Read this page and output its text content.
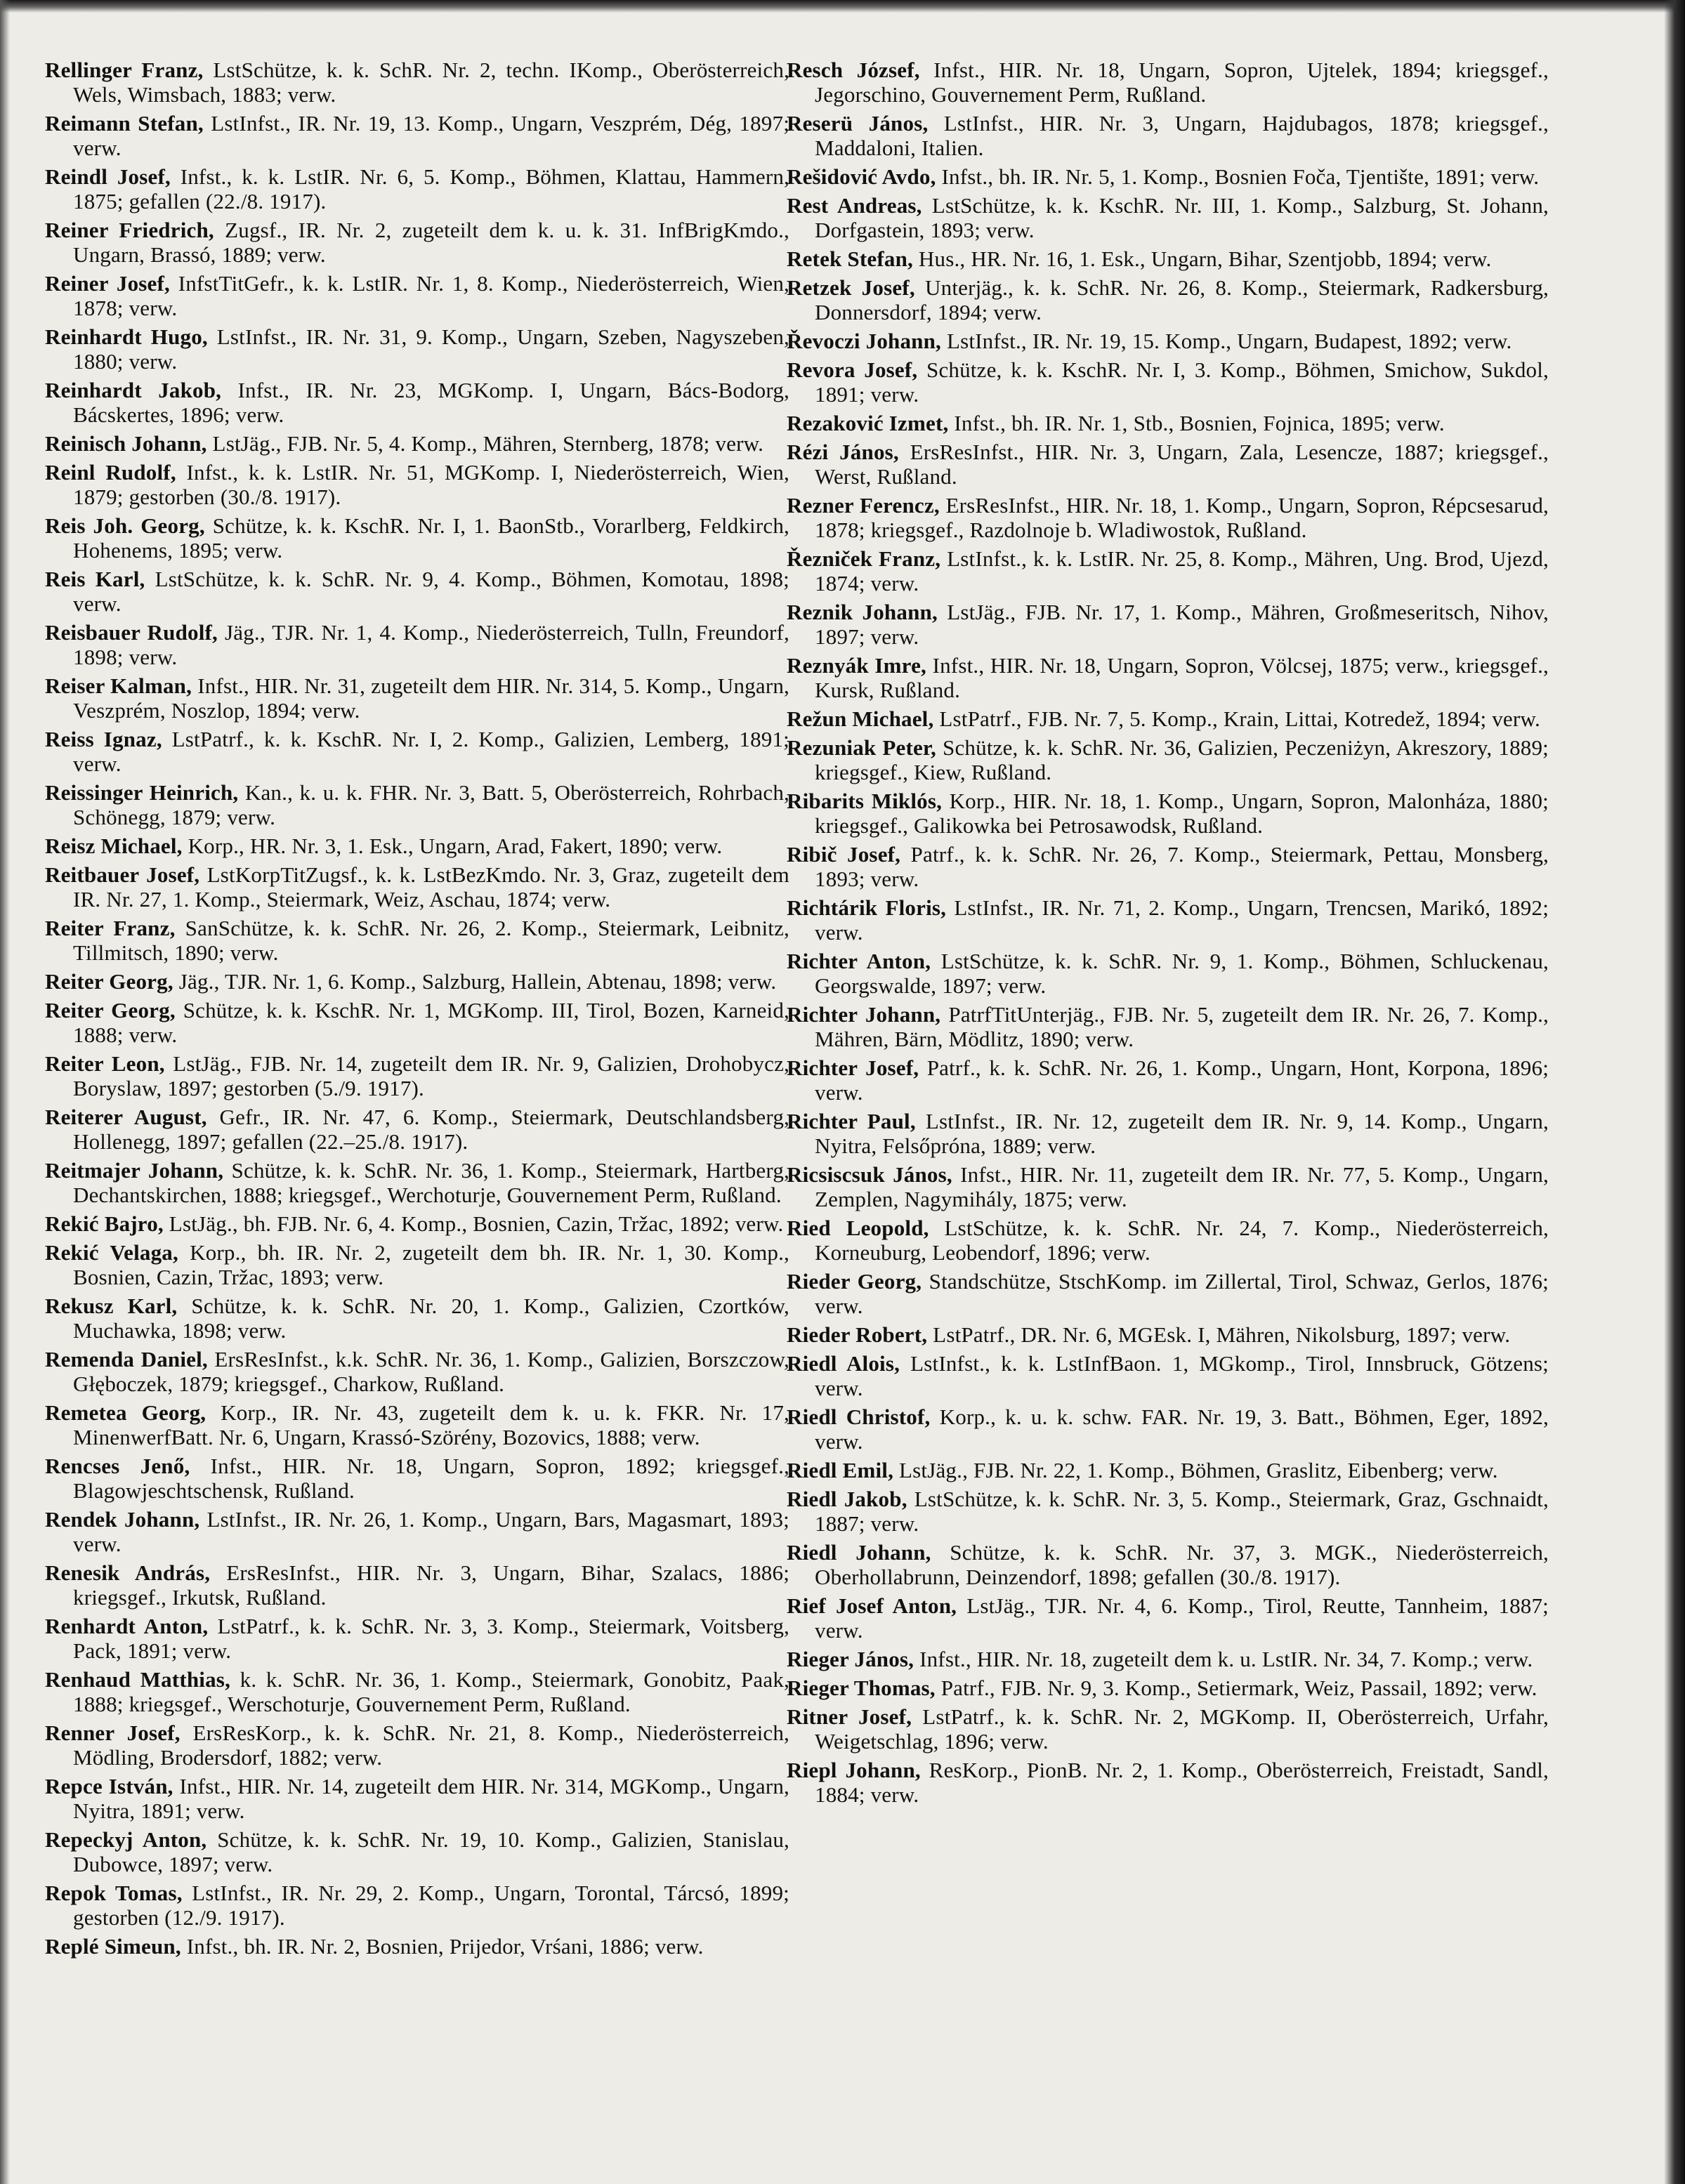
Rellinger Franz, LstSchütze, k. k. SchR. Nr. 2, techn. IKomp., Oberösterreich, Wels, Wimsbach, 1883; verw.

Reimann Stefan, LstInfst., IR. Nr. 19, 13. Komp., Ungarn, Veszprém, Dég, 1897; verw.

Reindl Josef, Infst., k. k. LstIR. Nr. 6, 5. Komp., Böhmen, Klattau, Hammern, 1875; gefallen (22./8. 1917).

Reiner Friedrich, Zugsf., IR. Nr. 2, zugeteilt dem k. u. k. 31. InfBrigKmdo., Ungarn, Brassó, 1889; verw.

Reiner Josef, InfstTitGefr., k. k. LstIR. Nr. 1, 8. Komp., Niederösterreich, Wien, 1878; verw.

Reinhardt Hugo, LstInfst., IR. Nr. 31, 9. Komp., Ungarn, Szeben, Nagyszeben, 1880; verw.

Reinhardt Jakob, Infst., IR. Nr. 23, MGKomp. I, Ungarn, Bács-Bodorg, Bácskertes, 1896; verw.

Reinisch Johann, LstJäg., FJB. Nr. 5, 4. Komp., Mähren, Sternberg, 1878; verw.

Reinl Rudolf, Infst., k. k. LstIR. Nr. 51, MGKomp. I, Niederösterreich, Wien, 1879; gestorben (30./8. 1917).

Reis Joh. Georg, Schütze, k. k. KschR. Nr. I, 1. BaonStb., Vorarlberg, Feldkirch, Hohenems, 1895; verw.

Reis Karl, LstSchütze, k. k. SchR. Nr. 9, 4. Komp., Böhmen, Komotau, 1898; verw.

Reisbauer Rudolf, Jäg., TJR. Nr. 1, 4. Komp., Niederösterreich, Tulln, Freundorf, 1898; verw.

Reiser Kalman, Infst., HIR. Nr. 31, zugeteilt dem HIR. Nr. 314, 5. Komp., Ungarn, Veszprém, Noszlop, 1894; verw.

Reiss Ignaz, LstPatrf., k. k. KschR. Nr. I, 2. Komp., Galizien, Lemberg, 1891; verw.

Reissinger Heinrich, Kan., k. u. k. FHR. Nr. 3, Batt. 5, Oberösterreich, Rohrbach, Schönegg, 1879; verw.

Reisz Michael, Korp., HR. Nr. 3, 1. Esk., Ungarn, Arad, Fakert, 1890; verw.

Reitbauer Josef, LstKorpTitZugsf., k. k. LstBezKmdo. Nr. 3, Graz, zugeteilt dem IR. Nr. 27, 1. Komp., Steiermark, Weiz, Aschau, 1874; verw.

Reiter Franz, SanSchütze, k. k. SchR. Nr. 26, 2. Komp., Steiermark, Leibnitz, Tillmitsch, 1890; verw.

Reiter Georg, Jäg., TJR. Nr. 1, 6. Komp., Salzburg, Hallein, Abtenau, 1898; verw.

Reiter Georg, Schütze, k. k. KschR. Nr. 1, MGKomp. III, Tirol, Bozen, Karneid, 1888; verw.

Reiter Leon, LstJäg., FJB. Nr. 14, zugeteilt dem IR. Nr. 9, Galizien, Drohobycz, Boryslaw, 1897; gestorben (5./9. 1917).

Reiterer August, Gefr., IR. Nr. 47, 6. Komp., Steiermark, Deutschlandsberg, Hollenegg, 1897; gefallen (22.–25./8. 1917).

Reitmajer Johann, Schütze, k. k. SchR. Nr. 36, 1. Komp., Steiermark, Hartberg, Dechantskirchen, 1888; kriegsgef., Werchoturje, Gouvernement Perm, Rußland.

Rekić Bajro, LstJäg., bh. FJB. Nr. 6, 4. Komp., Bosnien, Cazin, Tržac, 1892; verw.

Rekić Velaga, Korp., bh. IR. Nr. 2, zugeteilt dem bh. IR. Nr. 1, 30. Komp., Bosnien, Cazin, Tržac, 1893; verw.

Rekusz Karl, Schütze, k. k. SchR. Nr. 20, 1. Komp., Galizien, Czortków, Muchawka, 1898; verw.

Remenda Daniel, ErsResInfst., k.k. SchR. Nr. 36, 1. Komp., Galizien, Borszczow, Głęboczek, 1879; kriegsgef., Charkow, Rußland.

Remetea Georg, Korp., IR. Nr. 43, zugeteilt dem k. u. k. FKR. Nr. 17, MinenwerfBatt. Nr. 6, Ungarn, Krassó-Szörény, Bozovics, 1888; verw.

Rencses Jenő, Infst., HIR. Nr. 18, Ungarn, Sopron, 1892; kriegsgef., Blagowjeschtschensk, Rußland.

Rendek Johann, LstInfst., IR. Nr. 26, 1. Komp., Ungarn, Bars, Magasmart, 1893; verw.

Renesik András, ErsResInfst., HIR. Nr. 3, Ungarn, Bihar, Szalacs, 1886; kriegsgef., Irkutsk, Rußland.

Renhardt Anton, LstPatrf., k. k. SchR. Nr. 3, 3. Komp., Steiermark, Voitsberg, Pack, 1891; verw.

Renhaud Matthias, k. k. SchR. Nr. 36, 1. Komp., Steiermark, Gonobitz, Paak, 1888; kriegsgef., Werschoturje, Gouvernement Perm, Rußland.

Renner Josef, ErsResKorp., k. k. SchR. Nr. 21, 8. Komp., Niederösterreich, Mödling, Brodersdorf, 1882; verw.

Repce István, Infst., HIR. Nr. 14, zugeteilt dem HIR. Nr. 314, MGKomp., Ungarn, Nyitra, 1891; verw.

Repeckyj Anton, Schütze, k. k. SchR. Nr. 19, 10. Komp., Galizien, Stanislau, Dubowce, 1897; verw.

Repok Tomas, LstInfst., IR. Nr. 29, 2. Komp., Ungarn, Torontal, Tárcsó, 1899; gestorben (12./9. 1917).

Replé Simeun, Infst., bh. IR. Nr. 2, Bosnien, Prijedor, Vrśani, 1886; verw.

Resch József, Infst., HIR. Nr. 18, Ungarn, Sopron, Ujtelek, 1894; kriegsgef., Jegorschino, Gouvernement Perm, Rußland.

Reserü János, LstInfst., HIR. Nr. 3, Ungarn, Hajdubagos, 1878; kriegsgef., Maddaloni, Italien.

Rešidović Avdo, Infst., bh. IR. Nr. 5, 1. Komp., Bosnien Foča, Tjentište, 1891; verw.

Rest Andreas, LstSchütze, k. k. KschR. Nr. III, 1. Komp., Salzburg, St. Johann, Dorfgastein, 1893; verw.

Retek Stefan, Hus., HR. Nr. 16, 1. Esk., Ungarn, Bihar, Szentjobb, 1894; verw.

Retzek Josef, Unterjäg., k. k. SchR. Nr. 26, 8. Komp., Steiermark, Radkersburg, Donnersdorf, 1894; verw.

Řevoczi Johann, LstInfst., IR. Nr. 19, 15. Komp., Ungarn, Budapest, 1892; verw.

Revora Josef, Schütze, k. k. KschR. Nr. I, 3. Komp., Böhmen, Smichow, Sukdol, 1891; verw.

Rezaković Izmet, Infst., bh. IR. Nr. 1, Stb., Bosnien, Fojnica, 1895; verw.

Rézi János, ErsResInfst., HIR. Nr. 3, Ungarn, Zala, Lesencze, 1887; kriegsgef., Werst, Rußland.

Rezner Ferencz, ErsResInfst., HIR. Nr. 18, 1. Komp., Ungarn, Sopron, Répcsesarud, 1878; kriegsgef., Razdolnoje b. Wladiwostok, Rußland.

Řezniček Franz, LstInfst., k. k. LstIR. Nr. 25, 8. Komp., Mähren, Ung. Brod, Ujezd, 1874; verw.

Reznik Johann, LstJäg., FJB. Nr. 17, 1. Komp., Mähren, Großmeseritsch, Nihov, 1897; verw.

Reznyák Imre, Infst., HIR. Nr. 18, Ungarn, Sopron, Völcsej, 1875; verw., kriegsgef., Kursk, Rußland.

Režun Michael, LstPatrf., FJB. Nr. 7, 5. Komp., Krain, Littai, Kotredež, 1894; verw.

Rezuniak Peter, Schütze, k. k. SchR. Nr. 36, Galizien, Peczeniżyn, Akreszory, 1889; kriegsgef., Kiew, Rußland.

Ribarits Miklós, Korp., HIR. Nr. 18, 1. Komp., Ungarn, Sopron, Malonháza, 1880; kriegsgef., Galikowka bei Petrosawodsk, Rußland.

Ribič Josef, Patrf., k. k. SchR. Nr. 26, 7. Komp., Steiermark, Pettau, Monsberg, 1893; verw.

Richtárik Floris, LstInfst., IR. Nr. 71, 2. Komp., Ungarn, Trencsen, Marikó, 1892; verw.

Richter Anton, LstSchütze, k. k. SchR. Nr. 9, 1. Komp., Böhmen, Schluckenau, Georgswalde, 1897; verw.

Richter Johann, PatrfTitUnterjäg., FJB. Nr. 5, zugeteilt dem IR. Nr. 26, 7. Komp., Mähren, Bärn, Mödlitz, 1890; verw.

Richter Josef, Patrf., k. k. SchR. Nr. 26, 1. Komp., Ungarn, Hont, Korpona, 1896; verw.

Richter Paul, LstInfst., IR. Nr. 12, zugeteilt dem IR. Nr. 9, 14. Komp., Ungarn, Nyitra, Felsőpróna, 1889; verw.

Ricsiscsuk János, Infst., HIR. Nr. 11, zugeteilt dem IR. Nr. 77, 5. Komp., Ungarn, Zemplen, Nagymihály, 1875; verw.

Ried Leopold, LstSchütze, k. k. SchR. Nr. 24, 7. Komp., Niederösterreich, Korneuburg, Leobendorf, 1896; verw.

Rieder Georg, Standschütze, StschKomp. im Zillertal, Tirol, Schwaz, Gerlos, 1876; verw.

Rieder Robert, LstPatrf., DR. Nr. 6, MGEsk. I, Mähren, Nikolsburg, 1897; verw.

Riedl Alois, LstInfst., k. k. LstInfBaon. 1, MGkomp., Tirol, Innsbruck, Götzens; verw.

Riedl Christof, Korp., k. u. k. schw. FAR. Nr. 19, 3. Batt., Böhmen, Eger, 1892, verw.

Riedl Emil, LstJäg., FJB. Nr. 22, 1. Komp., Böhmen, Graslitz, Eibenberg; verw.

Riedl Jakob, LstSchütze, k. k. SchR. Nr. 3, 5. Komp., Steiermark, Graz, Gschnaidt, 1887; verw.

Riedl Johann, Schütze, k. k. SchR. Nr. 37, 3. MGK., Niederösterreich, Oberhollabrunn, Deinzendorf, 1898; gefallen (30./8. 1917).

Rief Josef Anton, LstJäg., TJR. Nr. 4, 6. Komp., Tirol, Reutte, Tannheim, 1887; verw.

Rieger János, Infst., HIR. Nr. 18, zugeteilt dem k. u. LstIR. Nr. 34, 7. Komp.; verw.

Rieger Thomas, Patrf., FJB. Nr. 9, 3. Komp., Setiermark, Weiz, Passail, 1892; verw.

Ritner Josef, LstPatrf., k. k. SchR. Nr. 2, MGKomp. II, Oberösterreich, Urfahr, Weigetschlag, 1896; verw.

Riepl Johann, ResKorp., PionB. Nr. 2, 1. Komp., Oberösterreich, Freistadt, Sandl, 1884; verw.
